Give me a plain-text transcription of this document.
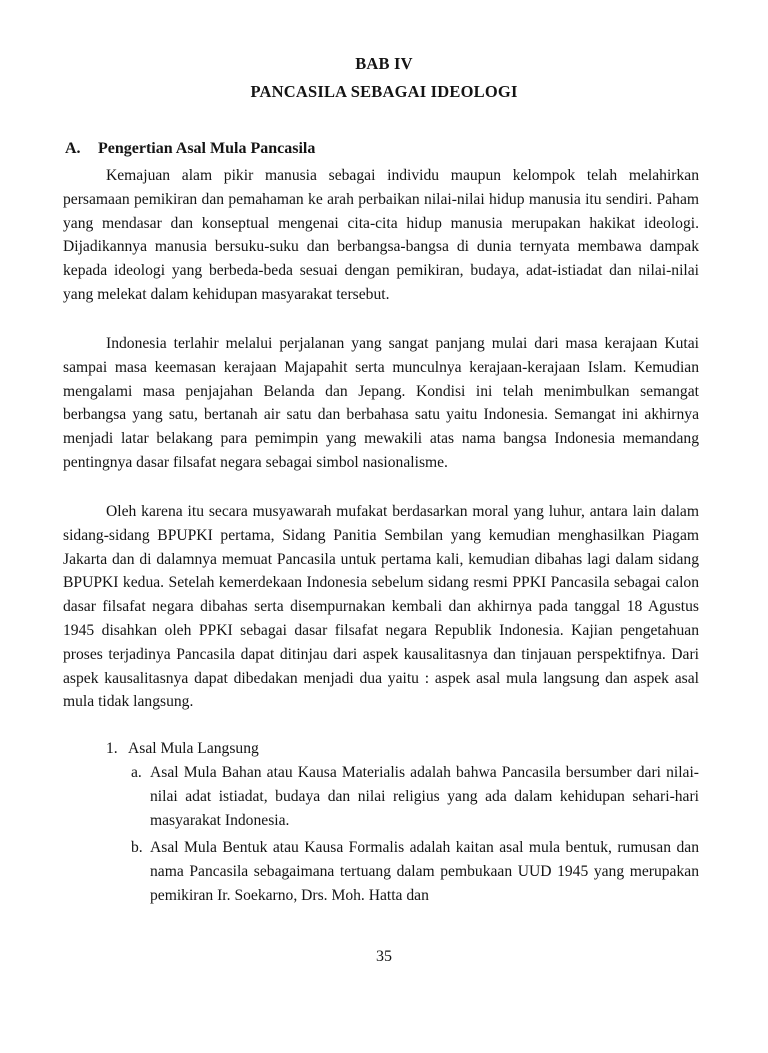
BAB IV
PANCASILA SEBAGAI IDEOLOGI
A. Pengertian Asal Mula Pancasila

Kemajuan alam pikir manusia sebagai individu maupun kelompok telah melahirkan persamaan pemikiran dan pemahaman ke arah perbaikan nilai-nilai hidup manusia itu sendiri. Paham yang mendasar dan konseptual mengenai cita-cita hidup manusia merupakan hakikat ideologi. Dijadikannya manusia bersuku-suku dan berbangsa-bangsa di dunia ternyata membawa dampak kepada ideologi yang berbeda-beda sesuai dengan pemikiran, budaya, adat-istiadat dan nilai-nilai yang melekat dalam kehidupan masyarakat tersebut.

Indonesia terlahir melalui perjalanan yang sangat panjang mulai dari masa kerajaan Kutai sampai masa keemasan kerajaan Majapahit serta munculnya kerajaan-kerajaan Islam. Kemudian mengalami masa penjajahan Belanda dan Jepang. Kondisi ini telah menimbulkan semangat berbangsa yang satu, bertanah air satu dan berbahasa satu yaitu Indonesia. Semangat ini akhirnya menjadi latar belakang para pemimpin yang mewakili atas nama bangsa Indonesia memandang pentingnya dasar filsafat negara sebagai simbol nasionalisme.

Oleh karena itu secara musyawarah mufakat berdasarkan moral yang luhur, antara lain dalam sidang-sidang BPUPKI pertama, Sidang Panitia Sembilan yang kemudian menghasilkan Piagam Jakarta dan di dalamnya memuat Pancasila untuk pertama kali, kemudian dibahas lagi dalam sidang BPUPKI kedua. Setelah kemerdekaan Indonesia sebelum sidang resmi PPKI Pancasila sebagai calon dasar filsafat negara dibahas serta disempurnakan kembali dan akhirnya pada tanggal 18 Agustus 1945 disahkan oleh PPKI sebagai dasar filsafat negara Republik Indonesia. Kajian pengetahuan proses terjadinya Pancasila dapat ditinjau dari aspek kausalitasnya dan tinjauan perspektifnya. Dari aspek kausalitasnya dapat dibedakan menjadi dua yaitu : aspek asal mula langsung dan aspek asal mula tidak langsung.

1. Asal Mula Langsung
a. Asal Mula Bahan atau Kausa Materialis adalah bahwa Pancasila bersumber dari nilai-nilai adat istiadat, budaya dan nilai religius yang ada dalam kehidupan sehari-hari masyarakat Indonesia.
b. Asal Mula Bentuk atau Kausa Formalis adalah kaitan asal mula bentuk, rumusan dan nama Pancasila sebagaimana tertuang dalam pembukaan UUD 1945 yang merupakan pemikiran Ir. Soekarno, Drs. Moh. Hatta dan
35
